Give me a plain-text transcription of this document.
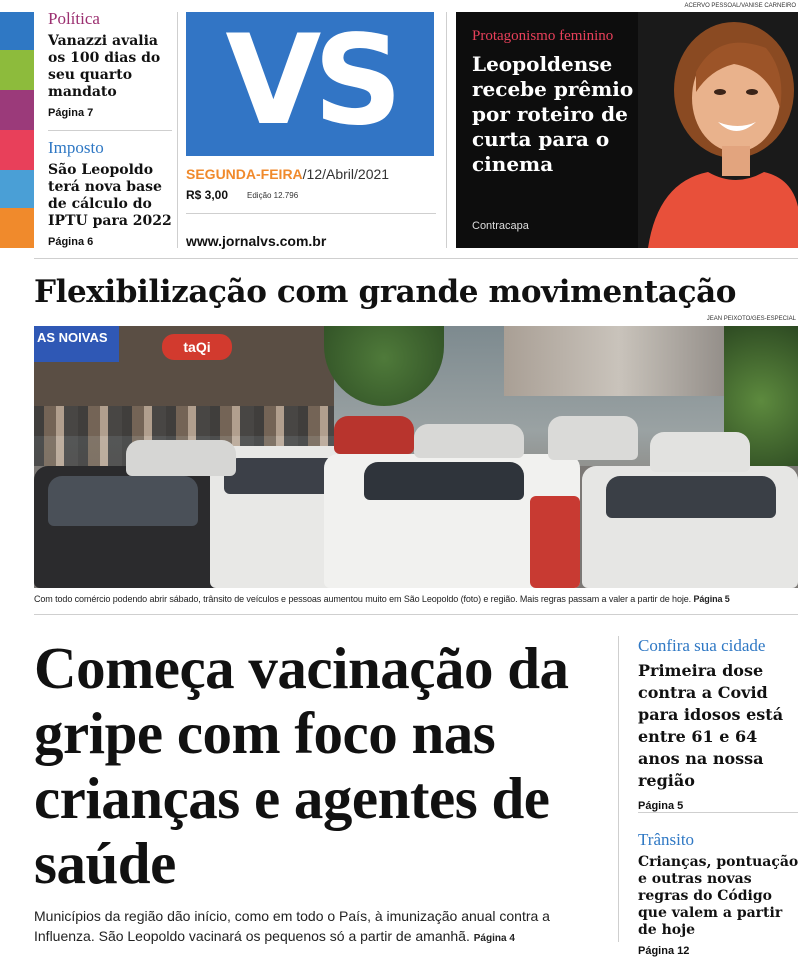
Política
Vanazzi avalia os 100 dias do seu quarto mandato
Página 7
Imposto
São Leopoldo terá nova base de cálculo do IPTU para 2022
Página 6
VS
SEGUNDA-FEIRA/12/Abril/2021
R$ 3,00 Edição 12.796
www.jornalvs.com.br
ACERVO PESSOAL/VANISE CARNEIRO
Protagonismo feminino
Leopoldense recebe prêmio por roteiro de curta para o cinema
Contracapa
Flexibilização com grande movimentação
JEAN PEIXOTO/GES-ESPECIAL
AS NOIVAS
taQi
Com todo comércio podendo abrir sábado, trânsito de veículos e pessoas aumentou muito em São Leopoldo (foto) e região. Mais regras passam a valer a partir de hoje. Página 5
Começa vacinação da gripe com foco nas crianças e agentes de saúde
Municípios da região dão início, como em todo o País, à imunização anual contra a Influenza. São Leopoldo vacinará os pequenos só a partir de amanhã. Página 4
Confira sua cidade
Primeira dose contra a Covid para idosos está entre 61 e 64 anos na nossa região
Página 5
Trânsito
Crianças, pontuação e outras novas regras do Código que valem a partir de hoje
Página 12
